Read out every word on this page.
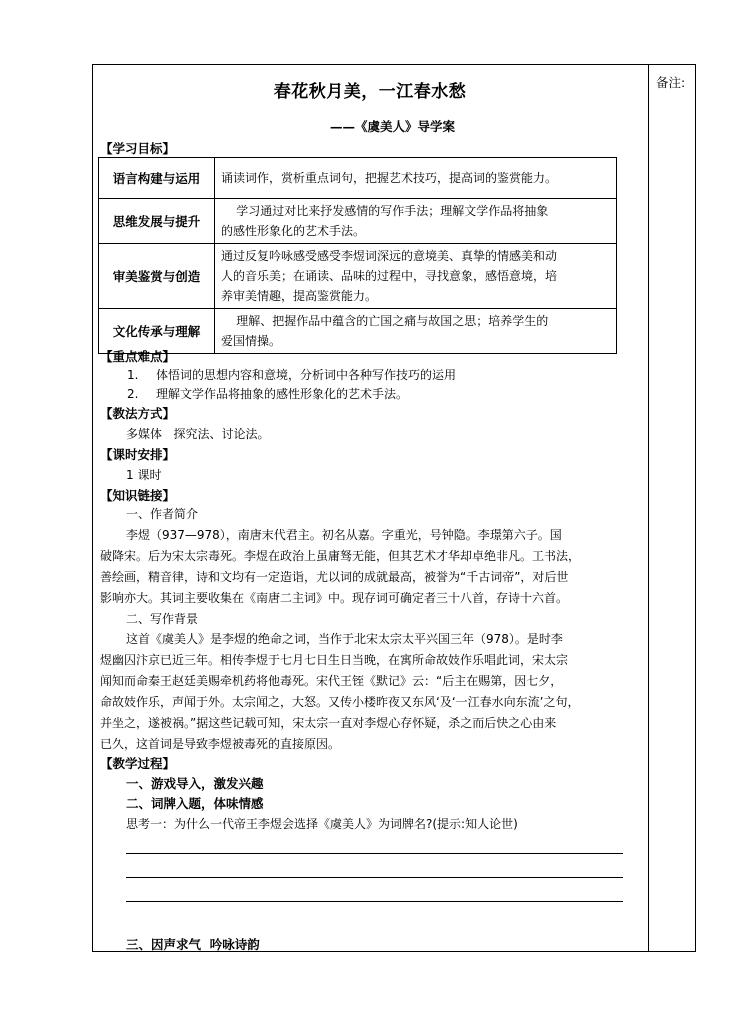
备注:
春花秋月美，一江春水愁
——《虞美人》导学案
【学习目标】
语言构建与运用	诵读词作，赏析重点词句，把握艺术技巧，提高词的鉴赏能力。

思维发展与提升	学习通过对比来抒发感情的写作手法；理解文学作品将抽象
的感性形象化的艺术手法。

审美鉴赏与创造	通过反复吟咏感受感受李煜词深远的意境美、真挚的情感美和动
人的音乐美；在诵读、品味的过程中，寻找意象，感悟意境，培
养审美情趣，提高鉴赏能力。

文化传承与理解	理解、把握作品中蕴含的亡国之痛与故国之思；培养学生的
爱国情操。
【重点难点】
1. 体悟词的思想内容和意境，分析词中各种写作技巧的运用
2. 理解文学作品将抽象的感性形象化的艺术手法。
【教法方式】
多媒体   探究法、讨论法。
【课时安排】
1 课时
【知识链接】
一、作者简介
李煜（937—978），南唐末代君主。初名从嘉。字重光，号钟隐。李璟第六子。国
破降宋。后为宋太宗毒死。李煜在政治上虽庸驽无能，但其艺术才华却卓绝非凡。工书法，
善绘画，精音律，诗和文均有一定造诣，尤以词的成就最高，被誉为“千古词帝”，对后世
影响亦大。其词主要收集在《南唐二主词》中。现存词可确定者三十八首，存诗十六首。
二、写作背景
这首《虞美人》是李煜的绝命之词，当作于北宋太宗太平兴国三年（978）。是时李
煜幽囚汴京已近三年。相传李煜于七月七日生日当晚，在寓所命故妓作乐唱此词，宋太宗
闻知而命秦王赵廷美赐牵机药将他毒死。宋代王铚《默记》云：“后主在赐第，因七夕，
命故妓作乐，声闻于外。太宗闻之，大怒。又传小楼昨夜又东风‘及‘一江春水向东流’之句，
并坐之，遂被祸。”据这些记载可知，宋太宗一直对李煜心存怀疑，杀之而后快之心由来
已久，这首词是导致李煜被毒死的直接原因。
【教学过程】
一、游戏导入，激发兴趣
二、词牌入题，体味情感
思考一：为什么一代帝王李煜会选择《虞美人》为词牌名?(提示:知人论世)
三、因声求气  吟咏诗韵
